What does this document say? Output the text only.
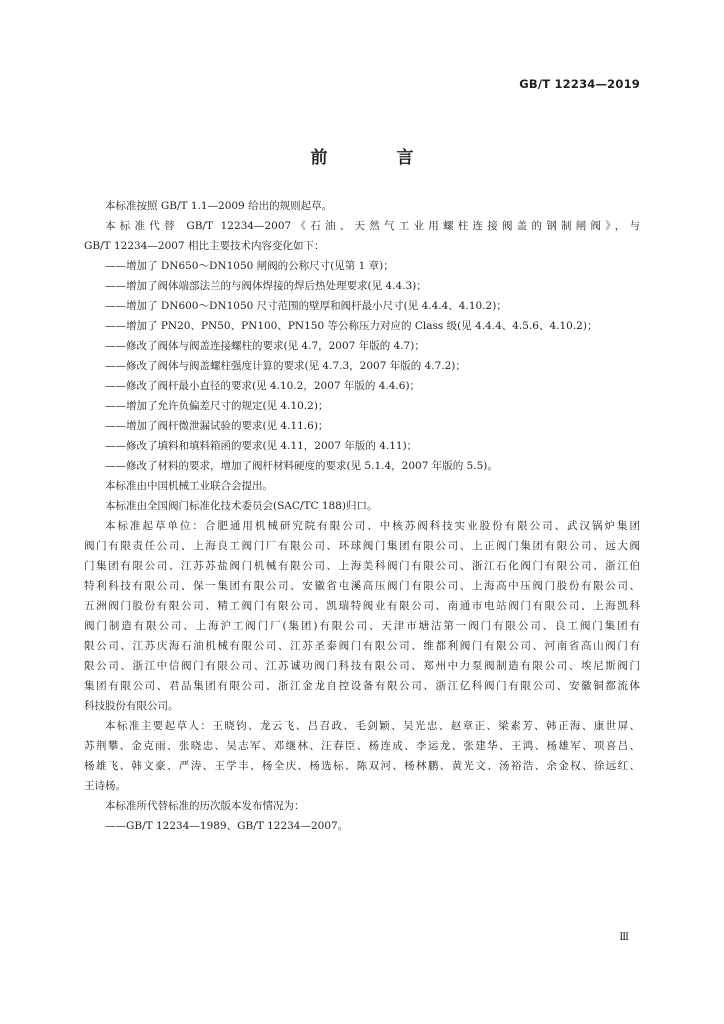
GB/T 12234—2019
前　言

本标准按照 GB/T 1.1—2009 给出的规则起草。

本标准代替 GB/T 12234—2007《石油、天然气工业用螺柱连接阀盖的钢制闸阀》，与

GB/T 12234—2007 相比主要技术内容变化如下：

——增加了 DN650～DN1050 闸阀的公称尺寸(见第 1 章)；

——增加了阀体端部法兰的与阀体焊接的焊后热处理要求(见 4.4.3)；

——增加了 DN600～DN1050 尺寸范围的壁厚和阀杆最小尺寸(见 4.4.4、4.10.2)；

——增加了 PN20、PN50、PN100、PN150 等公称压力对应的 Class 级(见 4.4.4、4.5.6、4.10.2)；

——修改了阀体与阀盖连接螺柱的要求(见 4.7，2007 年版的 4.7)；

——修改了阀体与阀盖螺柱强度计算的要求(见 4.7.3，2007 年版的 4.7.2)；

——修改了阀杆最小直径的要求(见 4.10.2，2007 年版的 4.4.6)；

——增加了允许负偏差尺寸的规定(见 4.10.2)；

——增加了阀杆微泄漏试验的要求(见 4.11.6)；

——修改了填料和填料箱函的要求(见 4.11，2007 年版的 4.11)；

——修改了材料的要求，增加了阀杆材料硬度的要求(见 5.1.4，2007 年版的 5.5)。

本标准由中国机械工业联合会提出。

本标准由全国阀门标准化技术委员会(SAC/TC 188)归口。

本标准起草单位：合肥通用机械研究院有限公司、中核苏阀科技实业股份有限公司、武汉锅炉集团

阀门有限责任公司、上海良工阀门厂有限公司、环球阀门集团有限公司、上正阀门集团有限公司、远大阀

门集团有限公司、江苏苏盐阀门机械有限公司、上海美科阀门有限公司、浙江石化阀门有限公司、浙江伯

特利科技有限公司、保一集团有限公司、安徽省屯溪高压阀门有限公司、上海高中压阀门股份有限公司、

五洲阀门股份有限公司、精工阀门有限公司、凯瑞特阀业有限公司、南通市电站阀门有限公司、上海凯科

阀门制造有限公司、上海沪工阀门厂(集团)有限公司、天津市塘沽第一阀门有限公司、良工阀门集团有

限公司、江苏庆海石油机械有限公司、江苏圣泰阀门有限公司、维都利阀门有限公司、河南省高山阀门有

限公司、浙江中信阀门有限公司、江苏诚功阀门科技有限公司、郑州中力泵阀制造有限公司、埃尼斯阀门

集团有限公司、君品集团有限公司、浙江金龙自控设备有限公司、浙江亿科阀门有限公司、安徽铜都流体

科技股份有限公司。

本标准主要起草人：王晓钧、龙云飞、吕召政、毛剑颖、吴光忠、赵章正、梁素芳、韩正海、康世屏、

苏荆攀、金克雨、张晓忠、吴志军、邓继林、汪春臣、杨连成、李运龙、张建华、王鸿、杨雄军、项喜吕、

杨雄飞、韩文豪、严涛、王学丰、杨全庆、杨选标、陈双河、杨林鹏、黄光文、汤裕浩、余金权、徐远红、

王诗杨。

本标准所代替标准的历次版本发布情况为：

——GB/T 12234—1989、GB/T 12234—2007。

Ⅲ
